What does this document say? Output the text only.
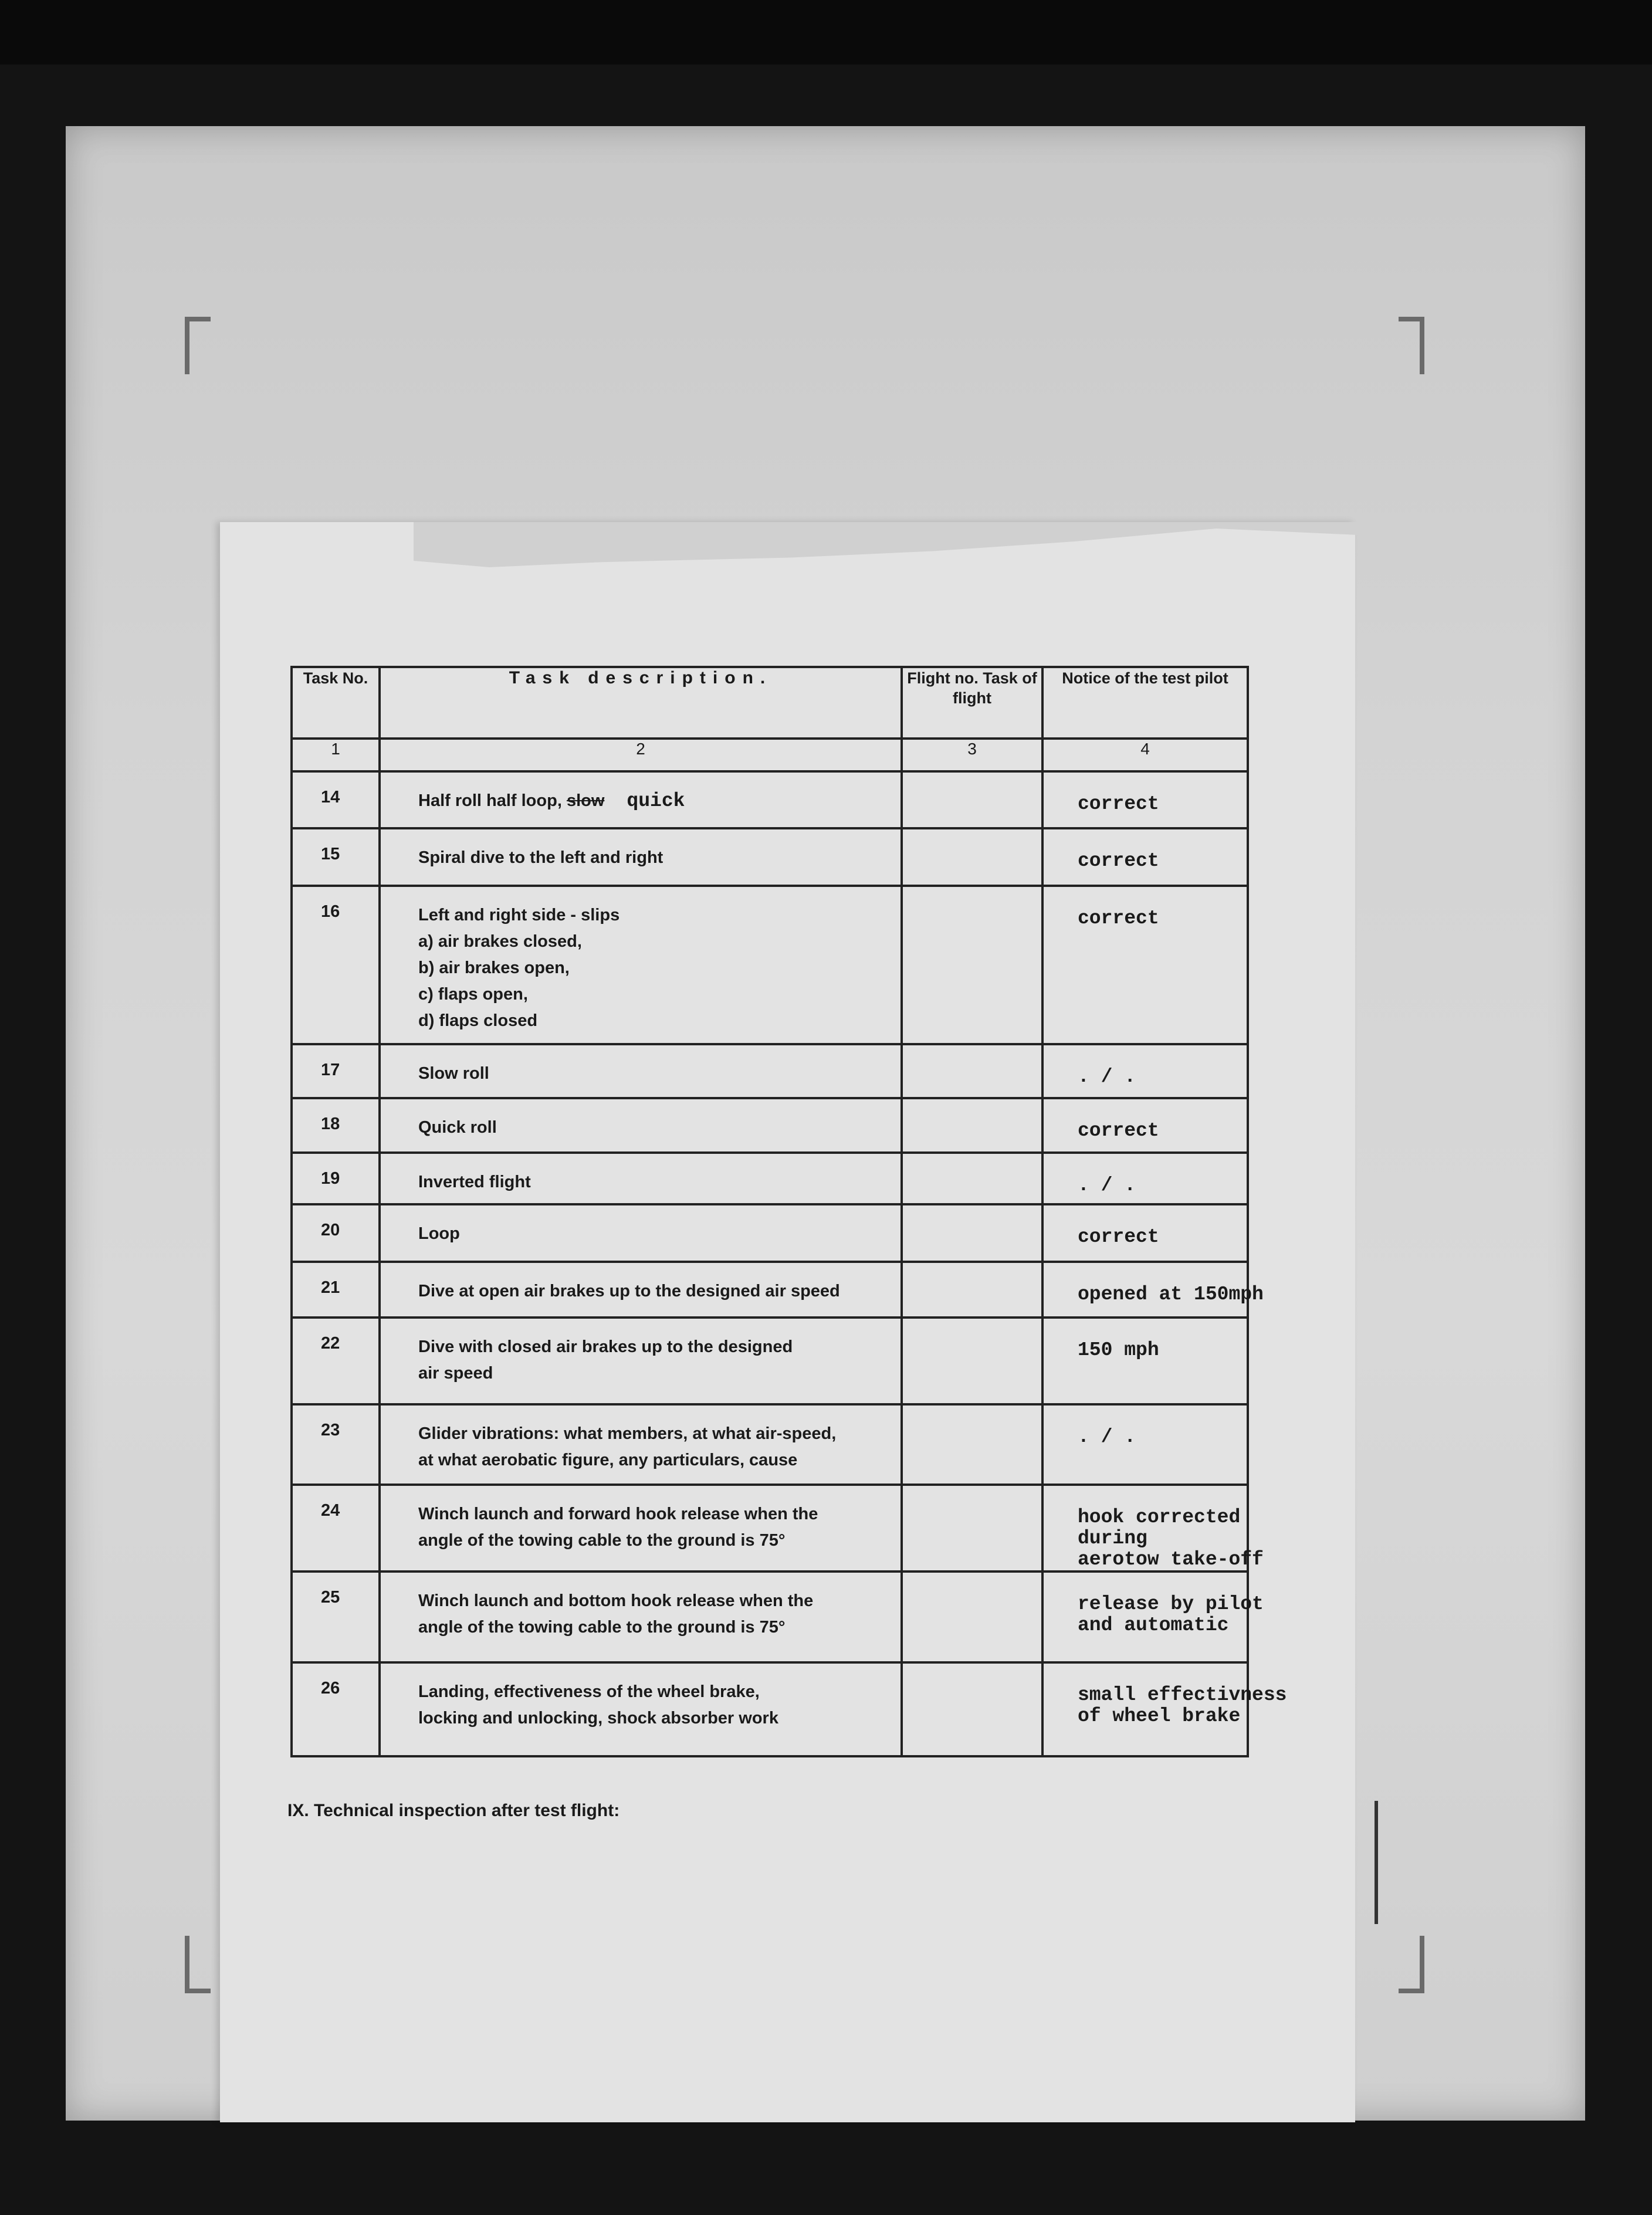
Task No.	Task description.	Flight no. Task of flight	Notice of the test pilot
1	2	3	4
14	Half roll half loop, slow quick		correct
15	Spiral dive to the left and right		correct
16	Left and right side - slips
a) air brakes closed,
b) air brakes open,
c) flaps open,
d) flaps closed		correct
17	Slow roll		. / .
18	Quick roll		correct
19	Inverted flight		. / .
20	Loop		correct
21	Dive at open air brakes up to the designed air speed		opened at 150mph
22	Dive with closed air brakes up to the designed
air speed		150 mph
23	Glider vibrations: what members, at what air-speed,
at what aerobatic figure, any particulars, cause		. / .
24	Winch launch and forward hook release when the
angle of the towing cable to the ground is 75°		hook corrected
during
aerotow take-off
25	Winch launch and bottom hook release when the
angle of the towing cable to the ground is 75°		release by pilot
and automatic
26	Landing, effectiveness of the wheel brake,
locking and unlocking, shock absorber work		small effectivness
of wheel brake
IX. Technical inspection after test flight:
